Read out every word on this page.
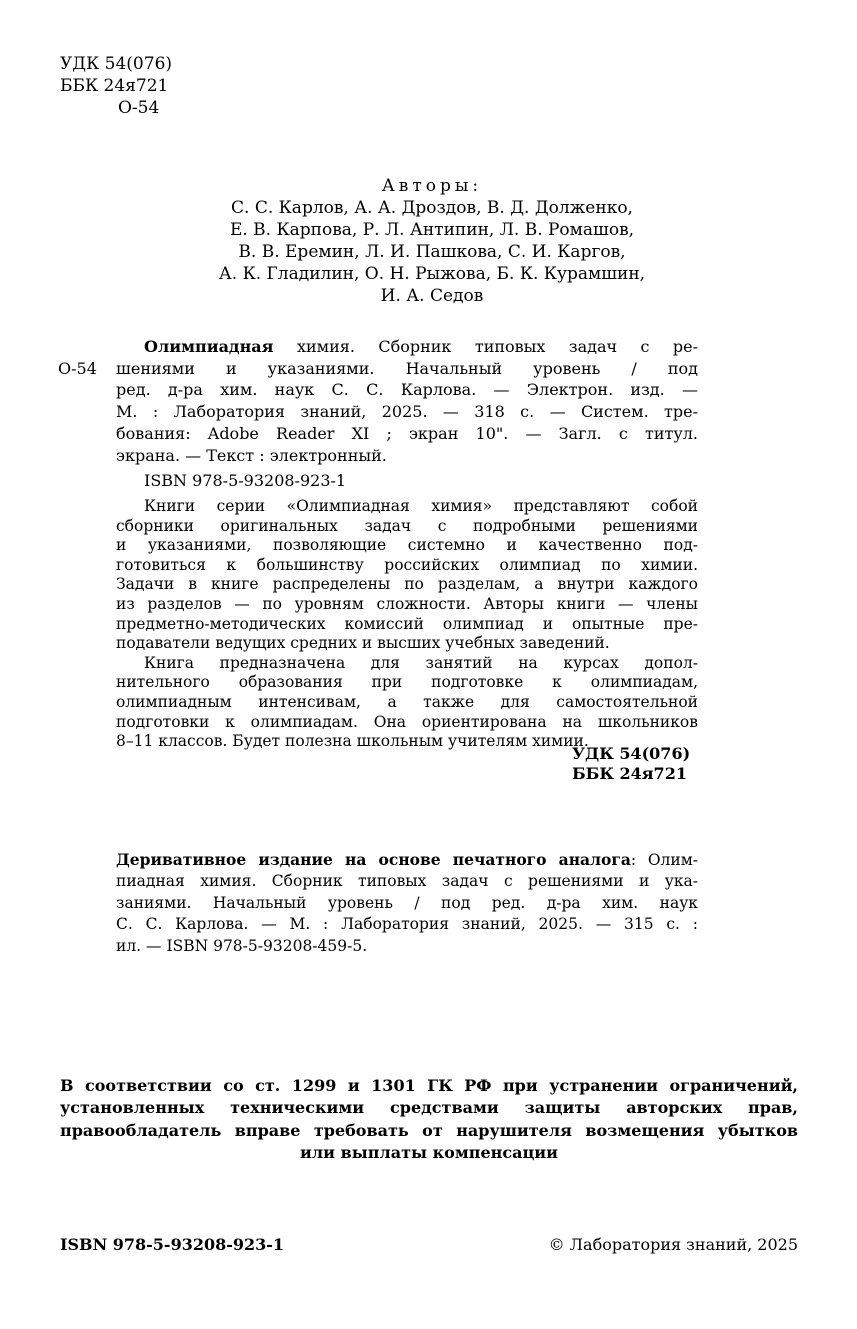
УДК 54(076)
ББК 24я721
О-54
Авторы:
С. С. Карлов, А. А. Дроздов, В. Д. Долженко,
Е. В. Карпова, Р. Л. Антипин, Л. В. Ромашов,
В. В. Еремин, Л. И. Пашкова, С. И. Каргов,
А. К. Гладилин, О. Н. Рыжова, Б. К. Курамшин,
И. А. Седов
О-54
Олимпиадная химия. Сборник типовых задач с ре-
шениями и указаниями. Начальный уровень / под
ред. д-ра хим. наук С. С. Карлова. — Электрон. изд. —
М. : Лаборатория знаний, 2025. — 318 с. — Систем. тре-
бования: Adobe Reader XI ; экран 10". — Загл. с титул.
экрана. — Текст : электронный.
ISBN 978-5-93208-923-1
Книги серии «Олимпиадная химия» представляют собой
сборники оригинальных задач с подробными решениями
и указаниями, позволяющие системно и качественно под-
готовиться к большинству российских олимпиад по химии.
Задачи в книге распределены по разделам, а внутри каждого
из разделов — по уровням сложности. Авторы книги — члены
предметно-методических комиссий олимпиад и опытные пре-
подаватели ведущих средних и высших учебных заведений.
Книга предназначена для занятий на курсах допол-
нительного образования при подготовке к олимпиадам,
олимпиадным интенсивам, а также для самостоятельной
подготовки к олимпиадам. Она ориентирована на школьников
8–11 классов. Будет полезна школьным учителям химии.
УДК 54(076)
ББК 24я721
Деривативное издание на основе печатного аналога: Олим-
пиадная химия. Сборник типовых задач с решениями и ука-
заниями. Начальный уровень / под ред. д-ра хим. наук
С. С. Карлова. — М. : Лаборатория знаний, 2025. — 315 с. :
ил. — ISBN 978-5-93208-459-5.
В соответствии со ст. 1299 и 1301 ГК РФ при устранении ограничений,
установленных техническими средствами защиты авторских прав,
правообладатель вправе требовать от нарушителя возмещения убытков
или выплаты компенсации
ISBN 978-5-93208-923-1	© Лаборатория знаний, 2025
